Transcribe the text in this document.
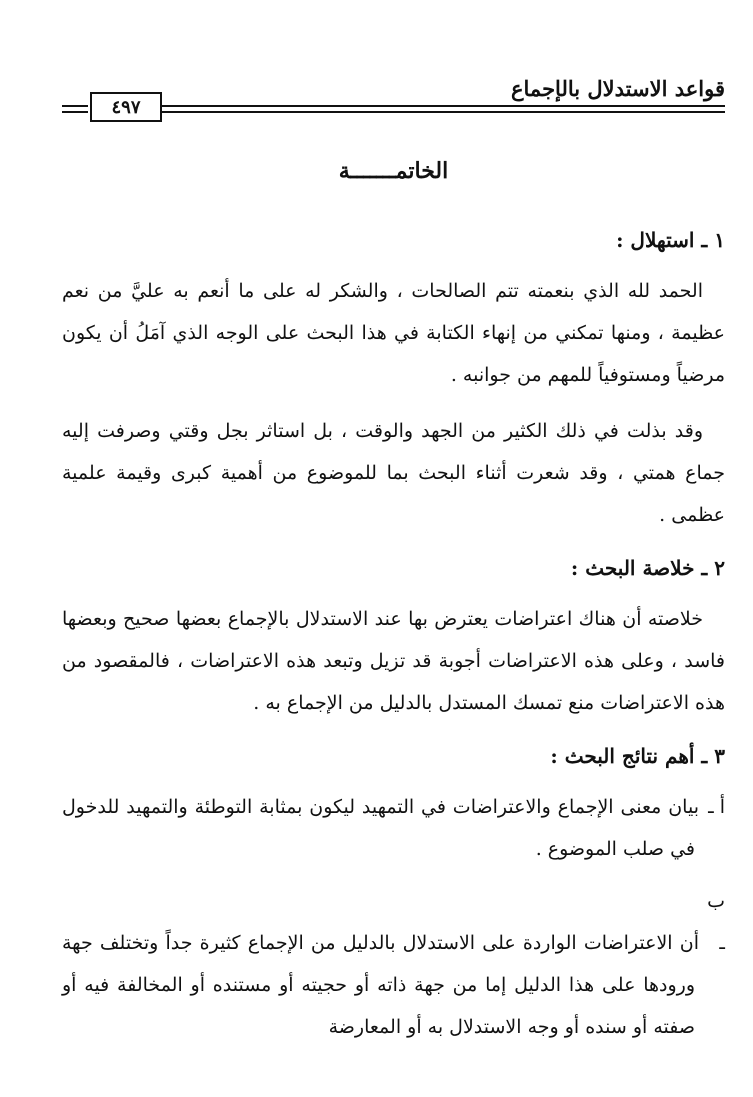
قواعد الاستدلال بالإجماع
٤٩٧
الخاتمـــــــة
١ ـ استهلال :

الحمد لله الذي بنعمته تتم الصالحات ، والشكر له على ما أنعم به عليَّ من نعم عظيمة ، ومنها تمكني من إنهاء الكتابة في هذا البحث على الوجه الذي آمَلُ أن يكون مرضياً ومستوفياً للمهم من جوانبه .

وقد بذلت في ذلك الكثير من الجهد والوقت ، بل استاثر بجل وقتي وصرفت إليه جماع همتي ، وقد شعرت أثناء البحث بما للموضوع من أهمية كبرى وقيمة علمية عظمى .

٢ ـ خلاصة البحث :

خلاصته أن هناك اعتراضات يعترض بها عند الاستدلال بالإجماع بعضها صحيح وبعضها فاسد ، وعلى هذه الاعتراضات أجوبة قد تزيل وتبعد هذه الاعتراضات ، فالمقصود من هذه الاعتراضات منع تمسك المستدل بالدليل من الإجماع به .

٣ ـ أهم نتائج البحث :

أ ـبيان معنى الإجماع والاعتراضات في التمهيد ليكون بمثابة التوطئة والتمهيد للدخول في صلب الموضوع .

ب ـأن الاعتراضات الواردة على الاستدلال بالدليل من الإجماع كثيرة جداً وتختلف جهة ورودها على هذا الدليل إما من جهة ذاته أو حجيته أو مستنده أو المخالفة فيه أو صفته أو سنده أو وجه الاستدلال به أو المعارضة
